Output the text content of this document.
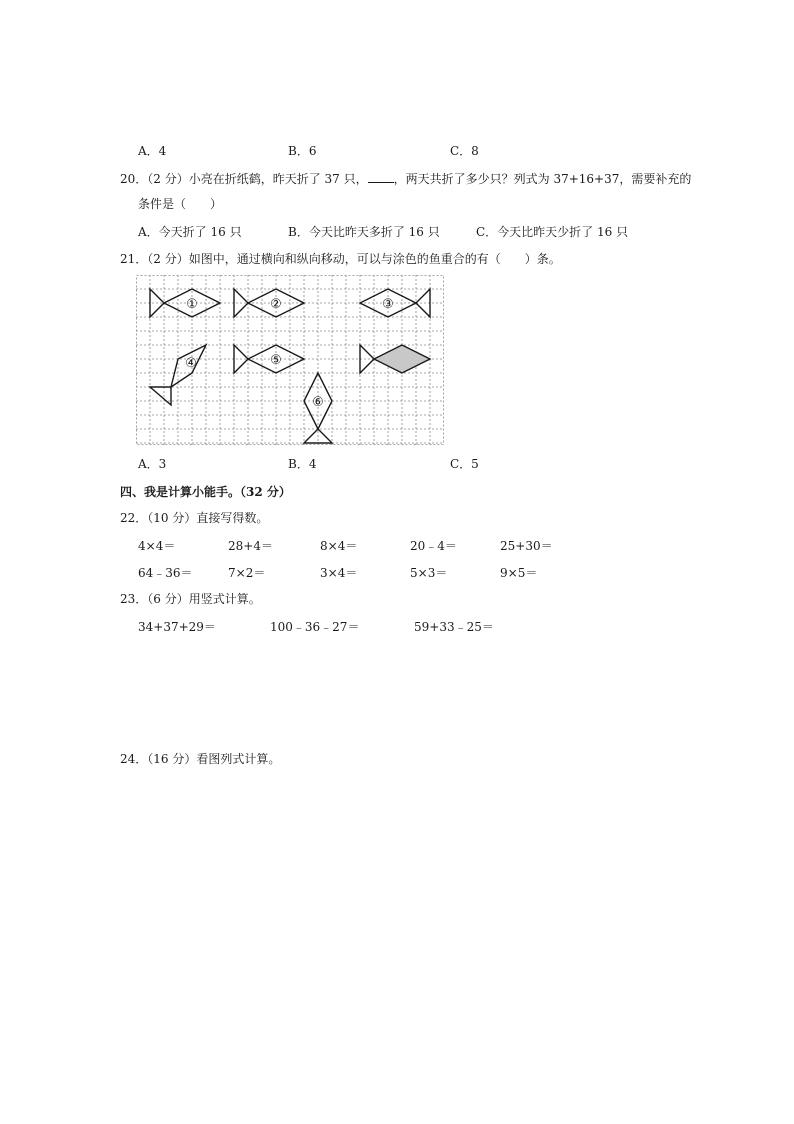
A．4	B．6	C．8
20．（2 分）小亮在折纸鹤，昨天折了 37 只， ，两天共折了多少只？列式为 37+16+37，需要补充的
条件是（　　）
A．今天折了 16 只	B．今天比昨天多折了 16 只	C．今天比昨天少折了 16 只
21．（2 分）如图中，通过横向和纵向移动，可以与涂色的鱼重合的有（　　）条。
①	②	③
④	⑤
⑥
A．3	B．4	C．5
四、我是计算小能手。（32 分）
22．（10 分）直接写得数。
4×4＝	28+4＝	8×4＝	20﹣4＝	25+30＝
64﹣36＝	7×2＝	3×4＝	5×3＝	9×5＝
23．（6 分）用竖式计算。
34+37+29＝	100﹣36﹣27＝	59+33﹣25＝
24．（16 分）看图列式计算。
